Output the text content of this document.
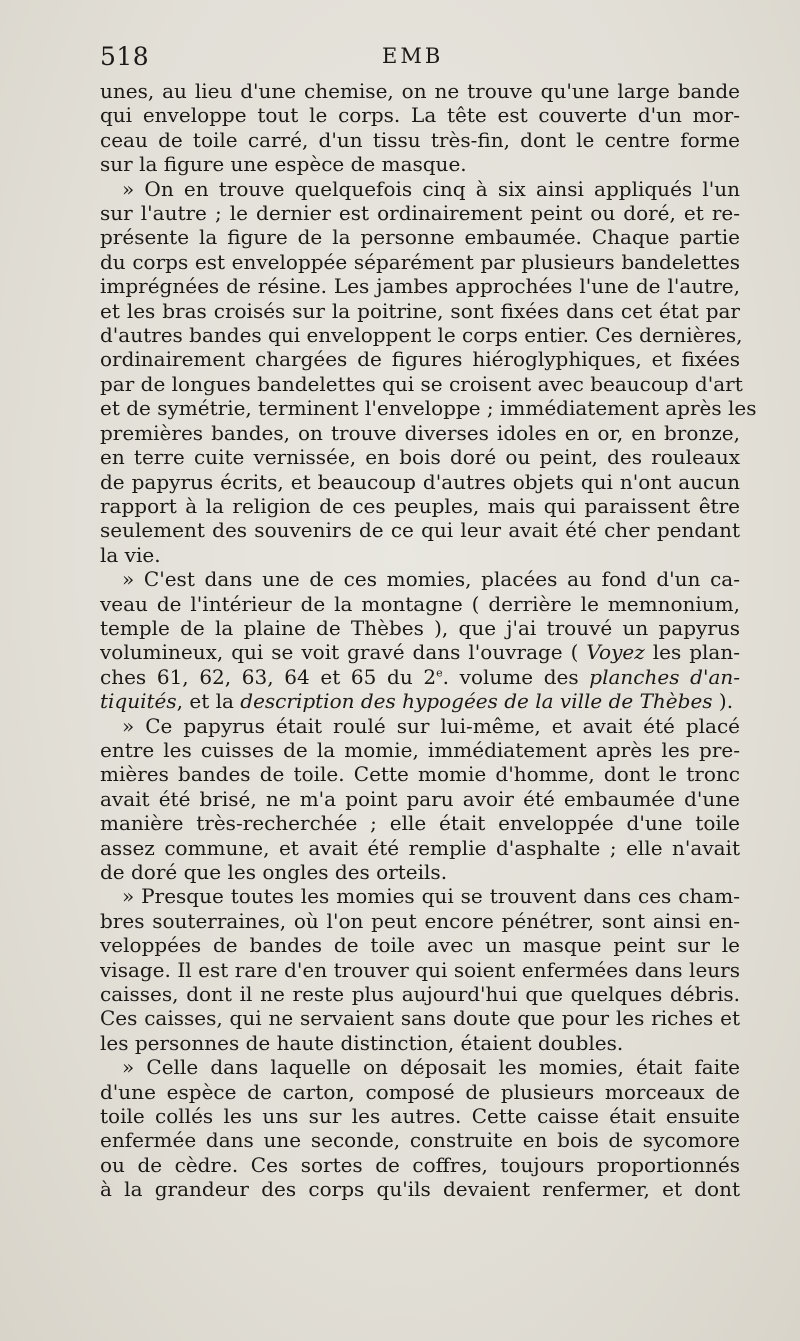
518	EMB
unes, au lieu d'une chemise, on ne trouve qu'une large bande
qui enveloppe tout le corps. La tête est couverte d'un mor-
ceau de toile carré, d'un tissu très-fin, dont le centre forme
sur la figure une espèce de masque.
» On en trouve quelquefois cinq à six ainsi appliqués l'un
sur l'autre ; le dernier est ordinairement peint ou doré, et re-
présente la figure de la personne embaumée. Chaque partie
du corps est enveloppée séparément par plusieurs bandelettes
imprégnées de résine. Les jambes approchées l'une de l'autre,
et les bras croisés sur la poitrine, sont fixées dans cet état par
d'autres bandes qui enveloppent le corps entier. Ces dernières,
ordinairement chargées de figures hiéroglyphiques, et fixées
par de longues bandelettes qui se croisent avec beaucoup d'art
et de symétrie, terminent l'enveloppe ; immédiatement après les
premières bandes, on trouve diverses idoles en or, en bronze,
en terre cuite vernissée, en bois doré ou peint, des rouleaux
de papyrus écrits, et beaucoup d'autres objets qui n'ont aucun
rapport à la religion de ces peuples, mais qui paraissent être
seulement des souvenirs de ce qui leur avait été cher pendant
la vie.
» C'est dans une de ces momies, placées au fond d'un ca-
veau de l'intérieur de la montagne ( derrière le memnonium,
temple de la plaine de Thèbes ), que j'ai trouvé un papyrus
volumineux, qui se voit gravé dans l'ouvrage ( Voyez les plan-
ches 61, 62, 63, 64 et 65 du 2e. volume des planches d'an-
tiquités, et la description des hypogées de la ville de Thèbes ).
» Ce papyrus était roulé sur lui-même, et avait été placé
entre les cuisses de la momie, immédiatement après les pre-
mières bandes de toile. Cette momie d'homme, dont le tronc
avait été brisé, ne m'a point paru avoir été embaumée d'une
manière très-recherchée ; elle était enveloppée d'une toile
assez commune, et avait été remplie d'asphalte ; elle n'avait
de doré que les ongles des orteils.
» Presque toutes les momies qui se trouvent dans ces cham-
bres souterraines, où l'on peut encore pénétrer, sont ainsi en-
veloppées de bandes de toile avec un masque peint sur le
visage. Il est rare d'en trouver qui soient enfermées dans leurs
caisses, dont il ne reste plus aujourd'hui que quelques débris.
Ces caisses, qui ne servaient sans doute que pour les riches et
les personnes de haute distinction, étaient doubles.
» Celle dans laquelle on déposait les momies, était faite
d'une espèce de carton, composé de plusieurs morceaux de
toile collés les uns sur les autres. Cette caisse était ensuite
enfermée dans une seconde, construite en bois de sycomore
ou de cèdre. Ces sortes de coffres, toujours proportionnés
à la grandeur des corps qu'ils devaient renfermer, et dont
